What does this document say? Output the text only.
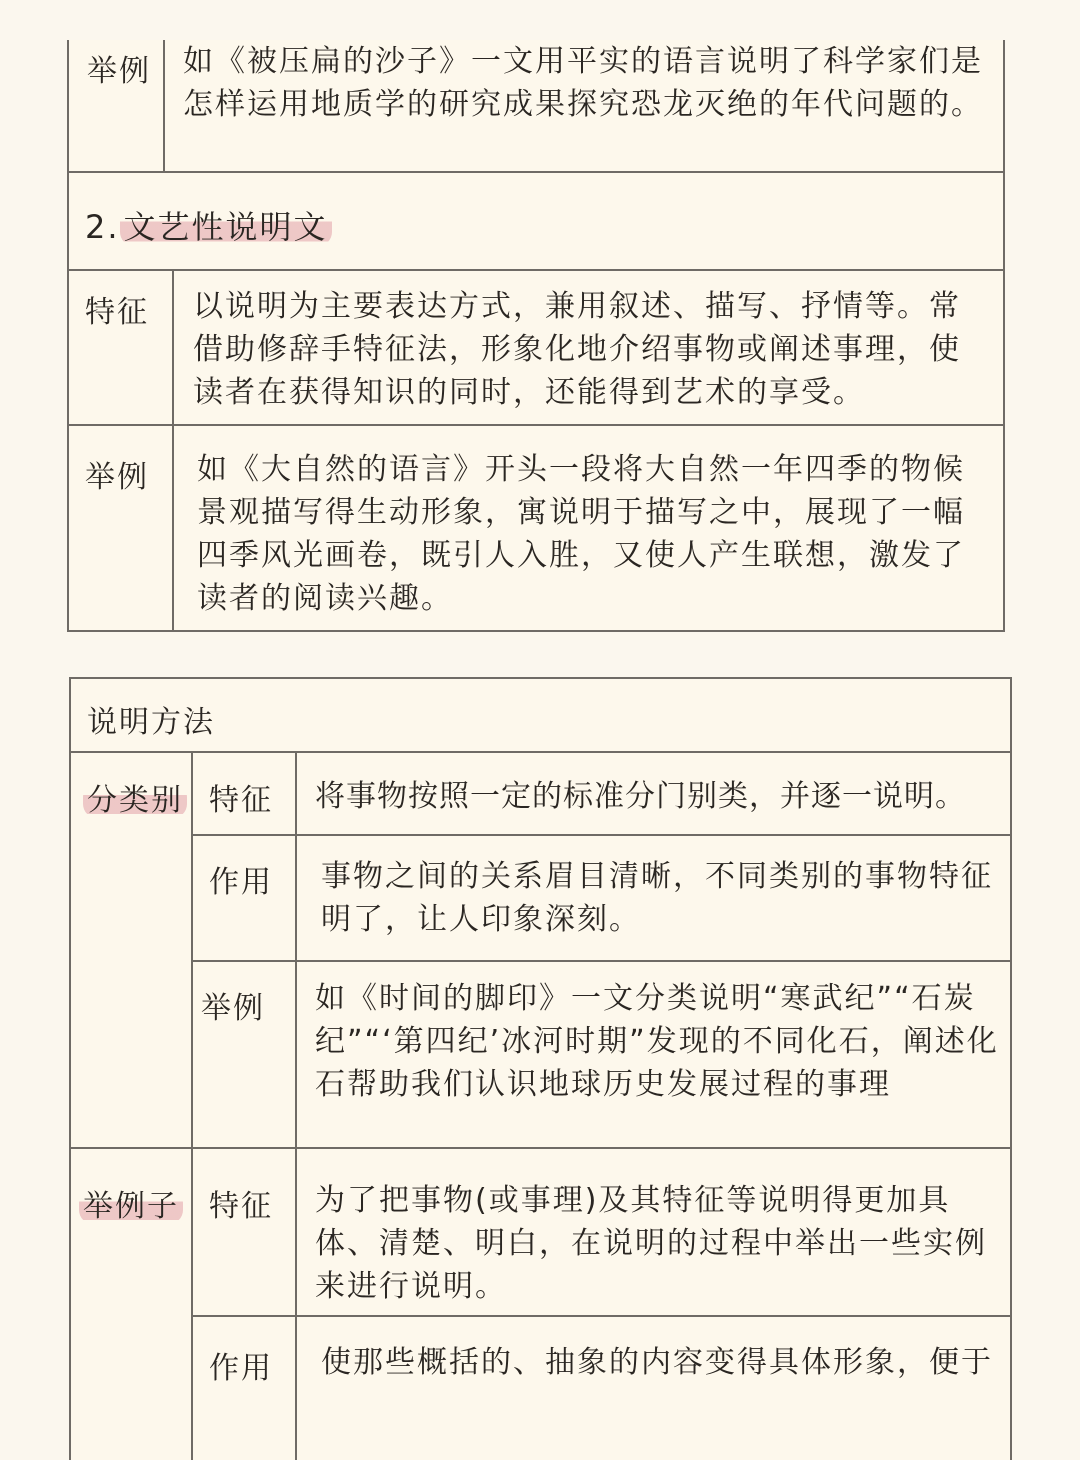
举例 如《被压扁的沙子》一文用平实的语言说明了科学家们是怎样运用地质学的研究成果探究恐龙灭绝的年代问题的。
2. 文艺性说明文
特征 以说明为主要表达方式，兼用叙述、描写、抒情等。常借助修辞手特征法，形象化地介绍事物或阐述事理，使读者在获得知识的同时，还能得到艺术的享受。
举例 如《大自然的语言》开头一段将大自然一年四季的物候景观描写得生动形象，寓说明于描写之中，展现了一幅四季风光画卷，既引人入胜，又使人产生联想，激发了读者的阅读兴趣。
说明方法
分类别 特征 将事物按照一定的标准分门别类，并逐一说明。
作用 事物之间的关系眉目清晰，不同类别的事物特征明了，让人印象深刻。
举例 如《时间的脚印》一文分类说明“寒武纪”“石炭纪”“‘第四纪’冰河时期”发现的不同化石，阐述化石帮助我们认识地球历史发展过程的事理
举例子 特征 为了把事物(或事理)及其特征等说明得更加具体、清楚、明白，在说明的过程中举出一些实例来进行说明。
作用 使那些概括的、抽象的内容变得具体形象，便于
